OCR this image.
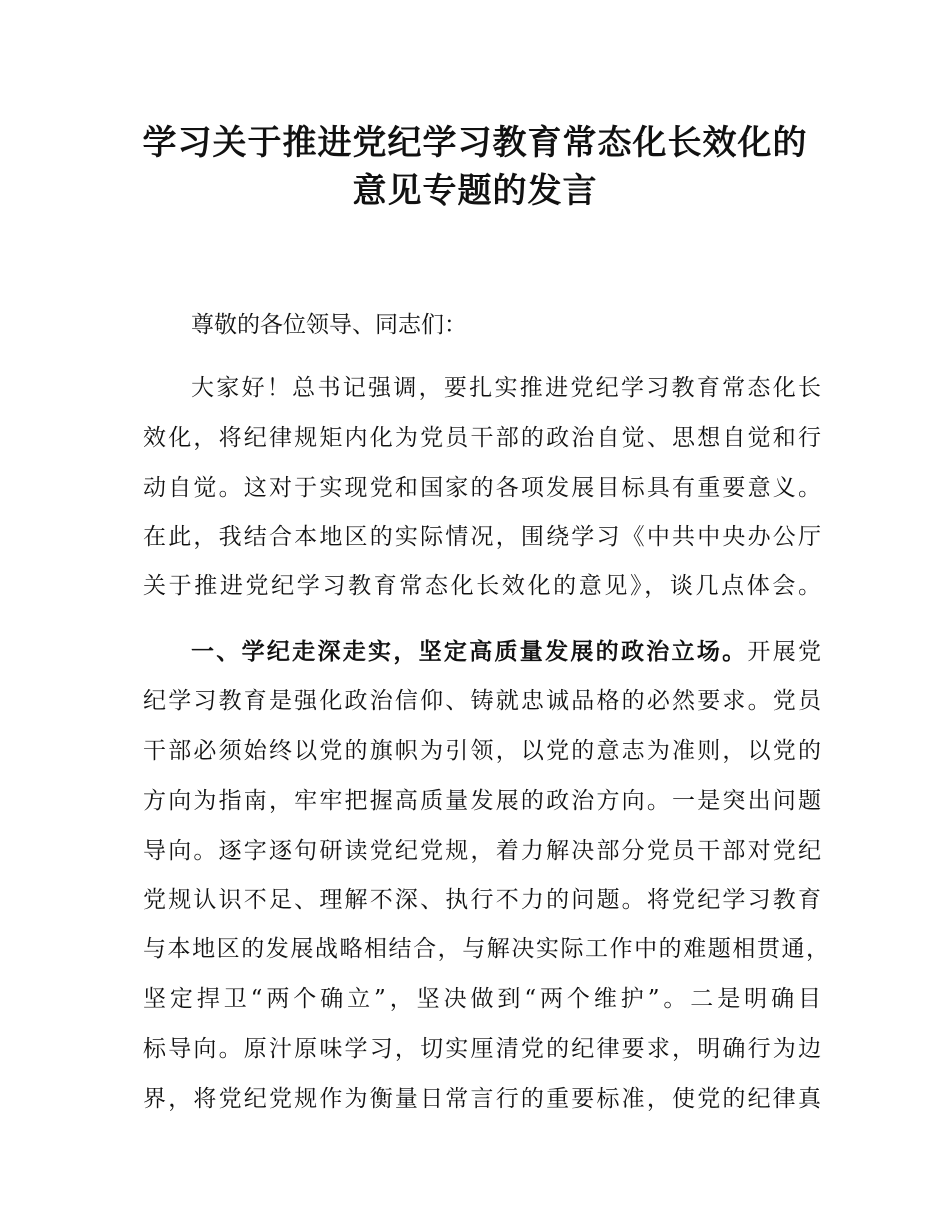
学习关于推进党纪学习教育常态化长效化的
意见专题的发言

尊敬的各位领导、同志们：

大家好！总书记强调，要扎实推进党纪学习教育常态化长

效化，将纪律规矩内化为党员干部的政治自觉、思想自觉和行

动自觉。这对于实现党和国家的各项发展目标具有重要意义。

在此，我结合本地区的实际情况，围绕学习《中共中央办公厅

关于推进党纪学习教育常态化长效化的意见》，谈几点体会。

一、学纪走深走实，坚定高质量发展的政治立场。开展党

纪学习教育是强化政治信仰、铸就忠诚品格的必然要求。党员

干部必须始终以党的旗帜为引领，以党的意志为准则，以党的

方向为指南，牢牢把握高质量发展的政治方向。一是突出问题

导向。逐字逐句研读党纪党规，着力解决部分党员干部对党纪

党规认识不足、理解不深、执行不力的问题。将党纪学习教育

与本地区的发展战略相结合，与解决实际工作中的难题相贯通，

坚定捍卫“两个确立”，坚决做到“两个维护”。二是明确目

标导向。原汁原味学习，切实厘清党的纪律要求，明确行为边

界，将党纪党规作为衡量日常言行的重要标准，使党的纪律真
